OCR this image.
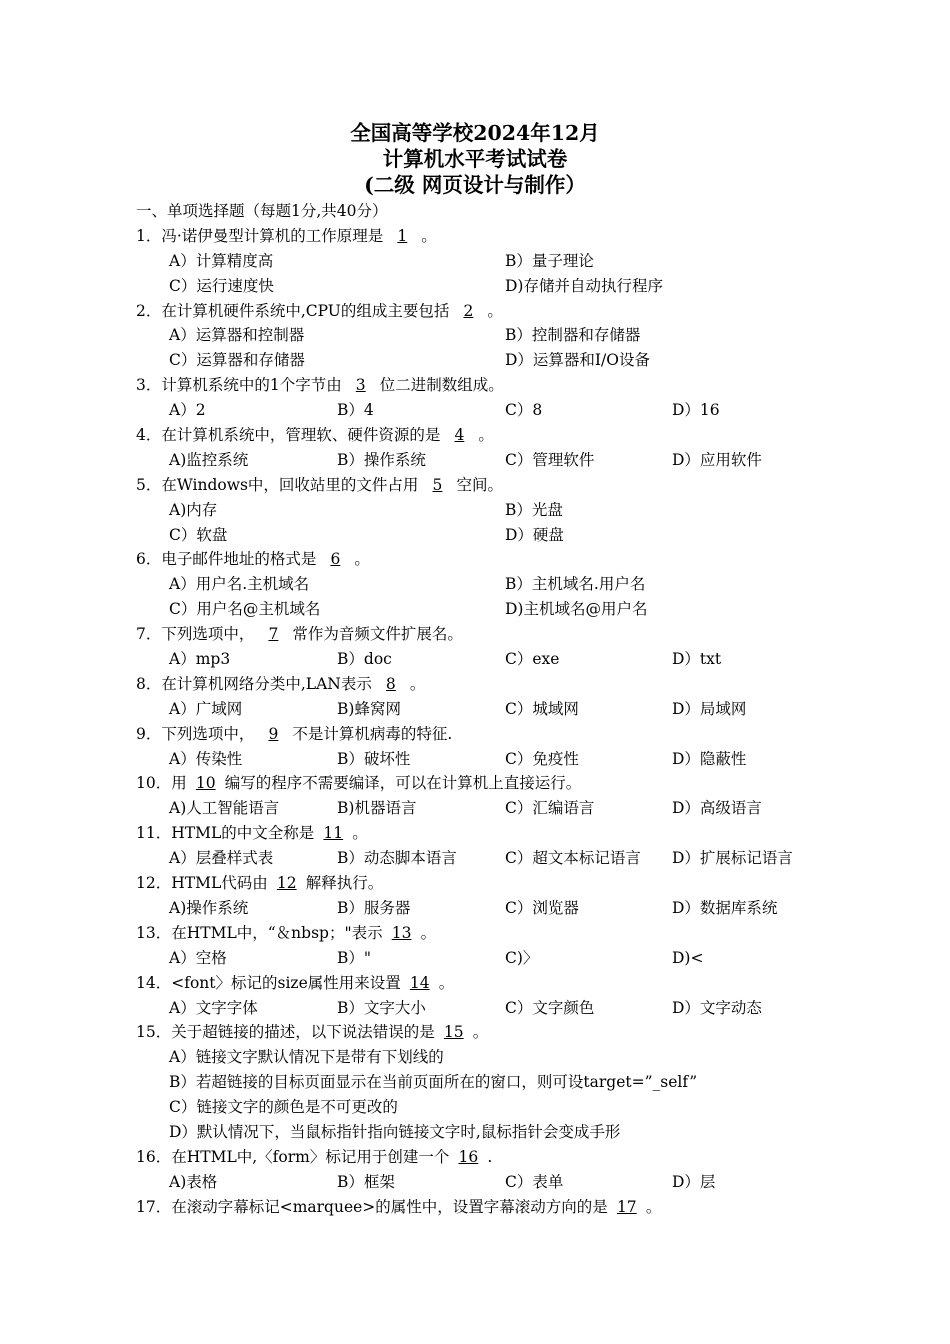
全国高等学校2024年12月
计算机水平考试试卷
(二级 网页设计与制作）
一、单项选择题（每题1分,共40分）
1．冯·诺伊曼型计算机的工作原理是 1 。
A）计算精度高	B）量子理论
C）运行速度快	D)存储并自动执行程序
2．在计算机硬件系统中,CPU的组成主要包括 2 。
A）运算器和控制器	B）控制器和存储器
C）运算器和存储器	D）运算器和I/O设备
3．计算机系统中的1个字节由 3 位二进制数组成。
A）2	B）4	C）8	D）16
4．在计算机系统中，管理软、硬件资源的是 4 。
A)监控系统	B）操作系统	C）管理软件	D）应用软件
5．在Windows中，回收站里的文件占用 5 空间。
A)内存	B）光盘
C）软盘	D）硬盘
6．电子邮件地址的格式是 6 。
A）用户名.主机域名	B）主机域名.用户名
C）用户名@主机域名	D)主机域名@用户名
7．下列选项中， 7 常作为音频文件扩展名。
A）mp3	B）doc	C）exe	D）txt
8．在计算机网络分类中,LAN表示 8 。
A）广域网	B)蜂窝网	C）城域网	D）局域网
9．下列选项中， 9 不是计算机病毒的特征.
A）传染性	B）破坏性	C）免疫性	D）隐蔽性
10．用 10 编写的程序不需要编译，可以在计算机上直接运行。
A)人工智能语言	B)机器语言	C）汇编语言	D）高级语言
11．HTML的中文全称是 11 。
A）层叠样式表	B）动态脚本语言	C）超文本标记语言 D）扩展标记语言
12．HTML代码由 12 解释执行。
A)操作系统	B）服务器	C）浏览器	D）数据库系统
13．在HTML中，“＆nbsp；"表示 13 。
A）空格	B）"	C)〉	D)<
14．<font〉标记的size属性用来设置 14 。
A）文字字体	B）文字大小	C）文字颜色	D）文字动态
15．关于超链接的描述，以下说法错误的是 15 。
A）链接文字默认情况下是带有下划线的
B）若超链接的目标页面显示在当前页面所在的窗口，则可设target=”_self”
C）链接文字的颜色是不可更改的
D）默认情况下，当鼠标指针指向链接文字时,鼠标指针会变成手形
16．在HTML中,〈form〉标记用于创建一个 16 .
A)表格	B）框架	C）表单	D）层
17．在滚动字幕标记<marquee>的属性中，设置字幕滚动方向的是 17 。
